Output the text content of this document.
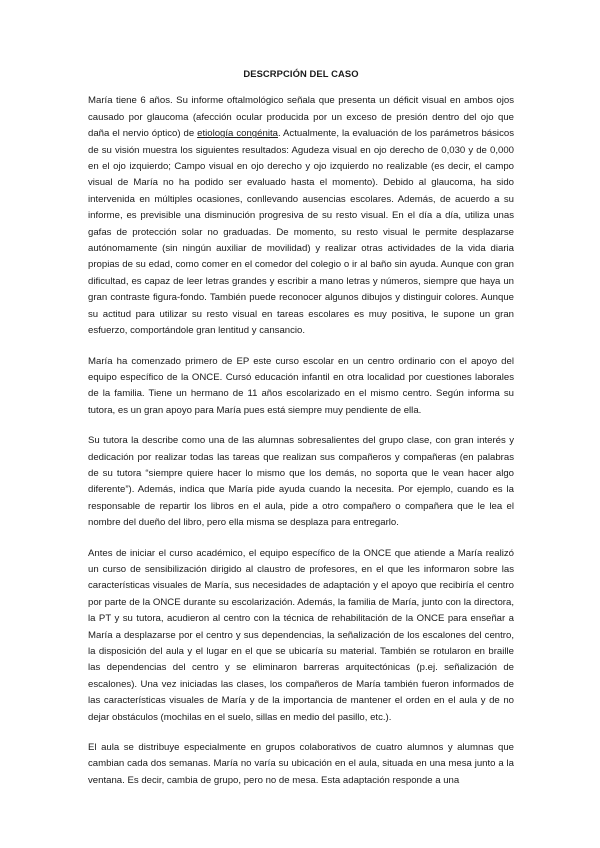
DESCRPCIÓN DEL CASO

María tiene 6 años. Su informe oftalmológico señala que presenta un déficit visual en ambos ojos causado por glaucoma (afección ocular producida por un exceso de presión dentro del ojo que daña el nervio óptico) de etiología congénita. Actualmente, la evaluación de los parámetros básicos de su visión muestra los siguientes resultados: Agudeza visual en ojo derecho de 0,030 y de 0,000 en el ojo izquierdo; Campo visual en ojo derecho y ojo izquierdo no realizable (es decir, el campo visual de María no ha podido ser evaluado hasta el momento). Debido al glaucoma, ha sido intervenida en múltiples ocasiones, conllevando ausencias escolares. Además, de acuerdo a su informe, es previsible una disminución progresiva de su resto visual. En el día a día, utiliza unas gafas de protección solar no graduadas. De momento, su resto visual le permite desplazarse autónomamente (sin ningún auxiliar de movilidad) y realizar otras actividades de la vida diaria propias de su edad, como comer en el comedor del colegio o ir al baño sin ayuda. Aunque con gran dificultad, es capaz de leer letras grandes y escribir a mano letras y números, siempre que haya un gran contraste figura-fondo. También puede reconocer algunos dibujos y distinguir colores. Aunque su actitud para utilizar su resto visual en tareas escolares es muy positiva, le supone un gran esfuerzo, comportándole gran lentitud y cansancio.

María ha comenzado primero de EP este curso escolar en un centro ordinario con el apoyo del equipo específico de la ONCE. Cursó educación infantil en otra localidad por cuestiones laborales de la familia. Tiene un hermano de 11 años escolarizado en el mismo centro. Según informa su tutora, es un gran apoyo para María pues está siempre muy pendiente de ella.

Su tutora la describe como una de las alumnas sobresalientes del grupo clase, con gran interés y dedicación por realizar todas las tareas que realizan sus compañeros y compañeras (en palabras de su tutora “siempre quiere hacer lo mismo que los demás, no soporta que le vean hacer algo diferente”). Además, indica que María pide ayuda cuando la necesita. Por ejemplo, cuando es la responsable de repartir los libros en el aula, pide a otro compañero o compañera que le lea el nombre del dueño del libro, pero ella misma se desplaza para entregarlo.

Antes de iniciar el curso académico, el equipo específico de la ONCE que atiende a María realizó un curso de sensibilización dirigido al claustro de profesores, en el que les informaron sobre las características visuales de María, sus necesidades de adaptación y el apoyo que recibiría el centro por parte de la ONCE durante su escolarización. Además, la familia de María, junto con la directora, la PT y su tutora, acudieron al centro con la técnica de rehabilitación de la ONCE para enseñar a María a desplazarse por el centro y sus dependencias, la señalización de los escalones del centro, la disposición del aula y el lugar en el que se ubicaría su material. También se rotularon en braille las dependencias del centro y se eliminaron barreras arquitectónicas (p.ej. señalización de escalones). Una vez iniciadas las clases, los compañeros de María también fueron informados de las características visuales de María y de la importancia de mantener el orden en el aula y de no dejar obstáculos (mochilas en el suelo, sillas en medio del pasillo, etc.).

El aula se distribuye especialmente en grupos colaborativos de cuatro alumnos y alumnas que cambian cada dos semanas. María no varía su ubicación en el aula, situada en una mesa junto a la ventana. Es decir, cambia de grupo, pero no de mesa. Esta adaptación responde a una
